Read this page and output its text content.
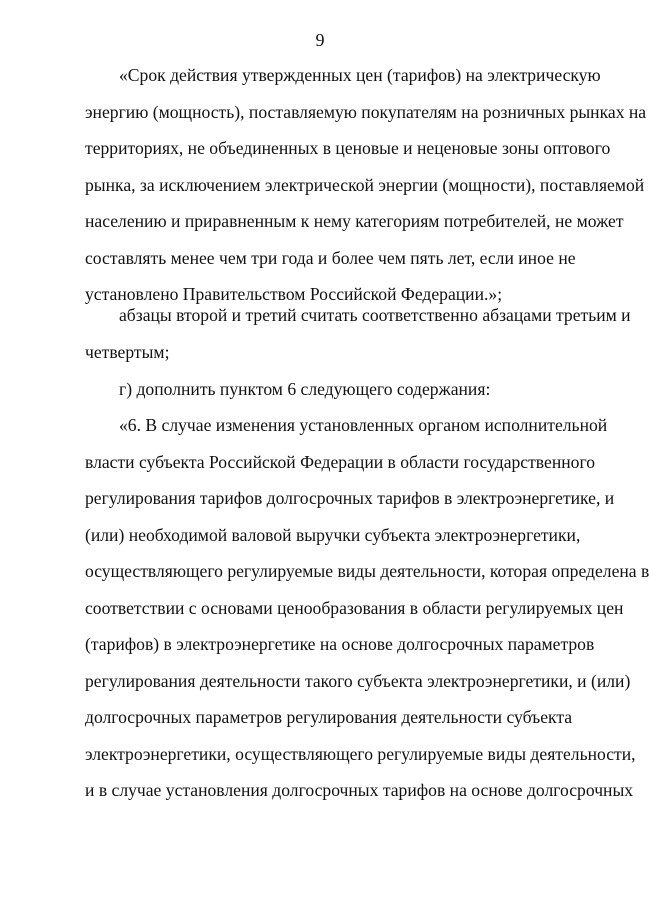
9
«Срок действия утвержденных цен (тарифов) на электрическую
энергию (мощность), поставляемую покупателям на розничных рынках на
территориях, не объединенных в ценовые и неценовые зоны оптового
рынка, за исключением электрической энергии (мощности), поставляемой
населению и приравненным к нему категориям потребителей, не может
составлять менее чем три года и более чем пять лет, если иное не
установлено Правительством Российской Федерации.»;
абзацы второй и третий считать соответственно абзацами третьим и
четвертым;
г) дополнить пунктом 6 следующего содержания:
«6. В случае изменения установленных органом исполнительной
власти субъекта Российской Федерации в области государственного
регулирования тарифов долгосрочных тарифов в электроэнергетике, и
(или) необходимой валовой выручки субъекта электроэнергетики,
осуществляющего регулируемые виды деятельности, которая определена в
соответствии с основами ценообразования в области регулируемых цен
(тарифов) в электроэнергетике на основе долгосрочных параметров
регулирования деятельности такого субъекта электроэнергетики, и (или)
долгосрочных параметров регулирования деятельности субъекта
электроэнергетики, осуществляющего регулируемые виды деятельности,
и в случае установления долгосрочных тарифов на основе долгосрочных
